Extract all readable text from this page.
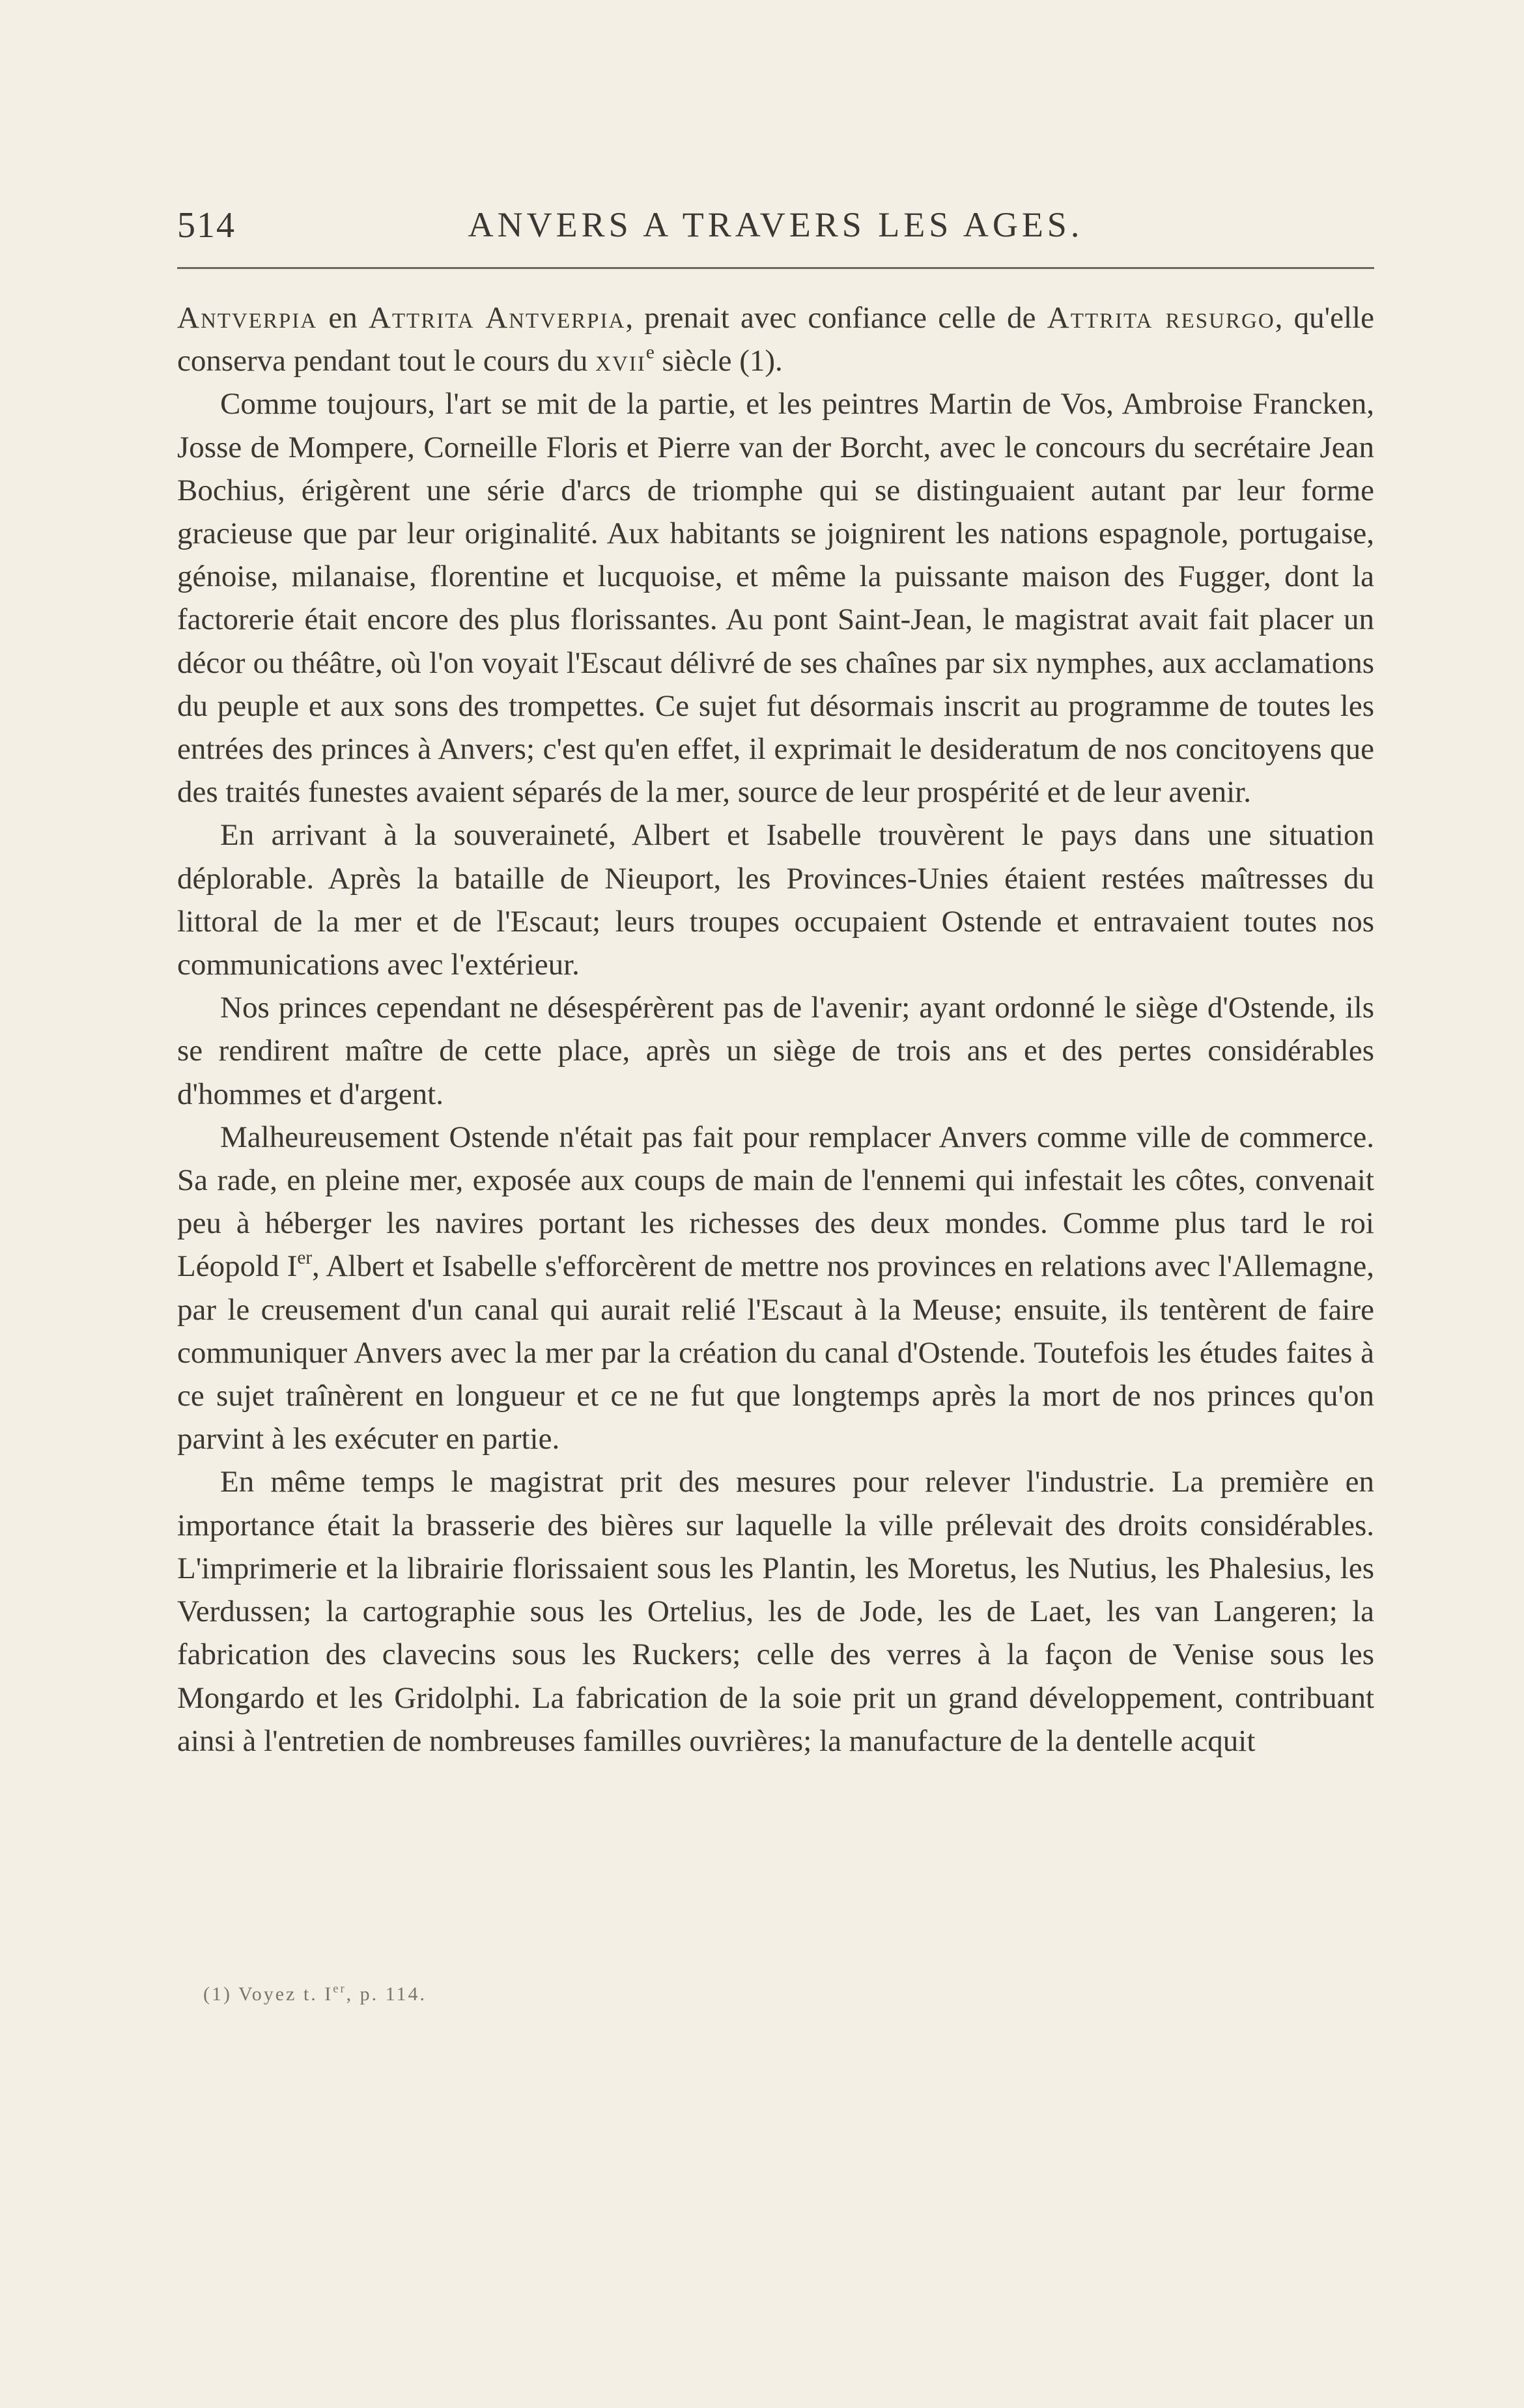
514	ANVERS A TRAVERS LES AGES.

Antverpia en Attrita Antverpia, prenait avec confiance celle de Attrita resurgo, qu'elle conserva pendant tout le cours du xvii$^e$ siècle (1).

Comme toujours, l'art se mit de la partie, et les peintres Martin de Vos, Ambroise Francken, Josse de Mompere, Corneille Floris et Pierre van der Borcht, avec le concours du secrétaire Jean Bochius, érigèrent une série d'arcs de triomphe qui se distinguaient autant par leur forme gracieuse que par leur originalité. Aux habitants se joignirent les nations espagnole, portugaise, génoise, milanaise, florentine et lucquoise, et même la puissante maison des Fugger, dont la factorerie était encore des plus florissantes. Au pont Saint-Jean, le magistrat avait fait placer un décor ou théâtre, où l'on voyait l'Escaut délivré de ses chaînes par six nymphes, aux acclamations du peuple et aux sons des trompettes. Ce sujet fut désormais inscrit au programme de toutes les entrées des princes à Anvers; c'est qu'en effet, il exprimait le desideratum de nos concitoyens que des traités funestes avaient séparés de la mer, source de leur prospérité et de leur avenir.

En arrivant à la souveraineté, Albert et Isabelle trouvèrent le pays dans une situation déplorable. Après la bataille de Nieuport, les Provinces-Unies étaient restées maîtresses du littoral de la mer et de l'Escaut; leurs troupes occupaient Ostende et entravaient toutes nos communications avec l'extérieur.

Nos princes cependant ne désespérèrent pas de l'avenir; ayant ordonné le siège d'Ostende, ils se rendirent maître de cette place, après un siège de trois ans et des pertes considérables d'hommes et d'argent.

Malheureusement Ostende n'était pas fait pour remplacer Anvers comme ville de commerce. Sa rade, en pleine mer, exposée aux coups de main de l'ennemi qui infestait les côtes, convenait peu à héberger les navires portant les richesses des deux mondes. Comme plus tard le roi Léopold Ier, Albert et Isabelle s'efforcèrent de mettre nos provinces en relations avec l'Allemagne, par le creusement d'un canal qui aurait relié l'Escaut à la Meuse; ensuite, ils tentèrent de faire communiquer Anvers avec la mer par la création du canal d'Ostende. Toutefois les études faites à ce sujet traînèrent en longueur et ce ne fut que longtemps après la mort de nos princes qu'on parvint à les exécuter en partie.

En même temps le magistrat prit des mesures pour relever l'industrie. La première en importance était la brasserie des bières sur laquelle la ville prélevait des droits considérables. L'imprimerie et la librairie florissaient sous les Plantin, les Moretus, les Nutius, les Phalesius, les Verdussen; la cartographie sous les Ortelius, les de Jode, les de Laet, les van Langeren; la fabrication des clavecins sous les Ruckers; celle des verres à la façon de Venise sous les Mongardo et les Gridolphi. La fabrication de la soie prit un grand développement, contribuant ainsi à l'entretien de nombreuses familles ouvrières; la manufacture de la dentelle acquit

(1) Voyez t. Ier, p. 114.
